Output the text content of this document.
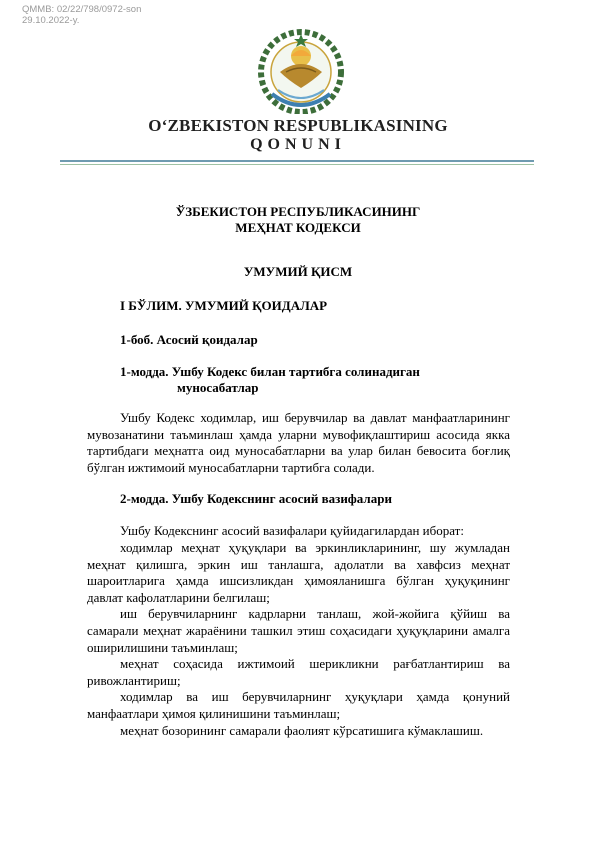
QMMB: 02/22/798/0972-son
29.10.2022-y.
O‘ZBEKISTON RESPUBLIKASINING
QONUNI
ЎЗБЕКИСТОН РЕСПУБЛИКАСИНИНГ
МЕҲНАТ КОДЕКСИ
УМУМИЙ ҚИСМ
I БЎЛИМ. УМУМИЙ ҚОИДАЛАР
1-боб. Асосий қоидалар
1-модда. Ушбу Кодекс билан тартибга солинадиган
муносабатлар

Ушбу Кодекс ходимлар, иш берувчилар ва давлат манфаатларининг мувозанатини таъминлаш ҳамда уларни мувофиқлаштириш асосида якка тартибдаги меҳнатга оид муносабатларни ва улар билан бевосита боғлиқ бўлган ижтимоий муносабатларни тартибга солади.

2-модда. Ушбу Кодекснинг асосий вазифалари

Ушбу Кодекснинг асосий вазифалари қуйидагилардан иборат:

ходимлар меҳнат ҳуқуқлари ва эркинликларининг, шу жумладан меҳнат қилишга, эркин иш танлашга, адолатли ва хавфсиз меҳнат шароитларига ҳамда ишсизликдан ҳимояланишга бўлган ҳуқуқининг давлат кафолатларини белгилаш;

иш берувчиларнинг кадрларни танлаш, жой-жойига қўйиш ва самарали меҳнат жараёнини ташкил этиш соҳасидаги ҳуқуқларини амалга оширилишини таъминлаш;

меҳнат соҳасида ижтимоий шерикликни рағбатлантириш ва ривожлантириш;

ходимлар ва иш берувчиларнинг ҳуқуқлари ҳамда қонуний манфаатлари ҳимоя қилинишини таъминлаш;

меҳнат бозорининг самарали фаолият кўрсатишига кўмаклашиш.
